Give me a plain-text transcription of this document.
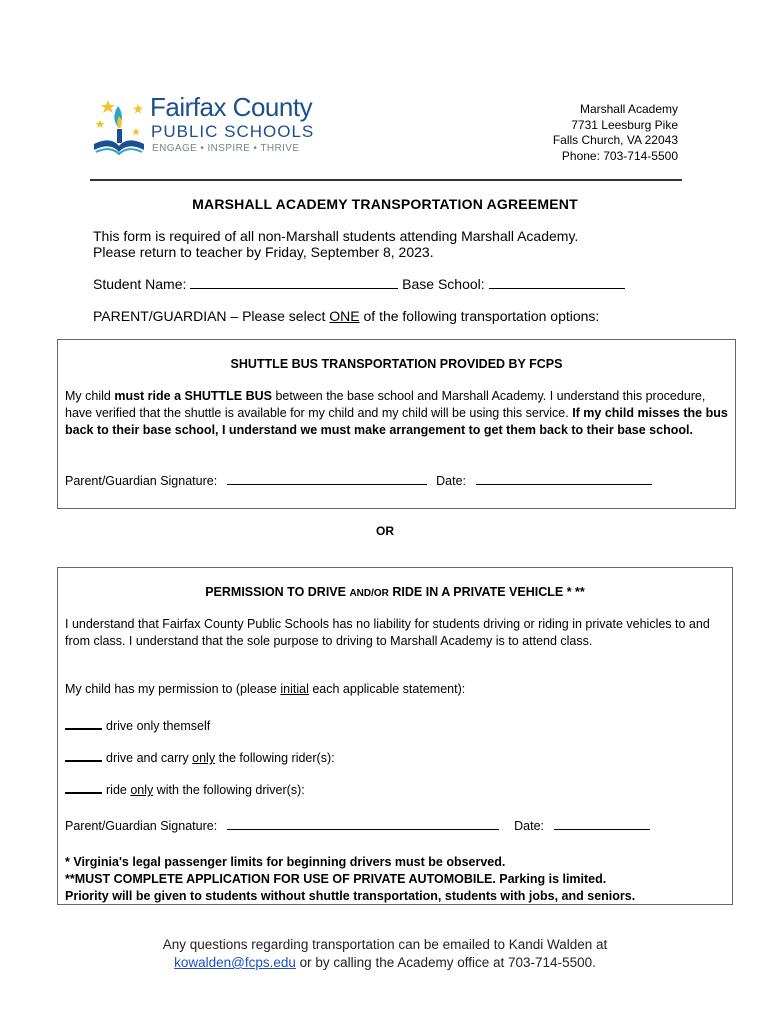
Fairfax County
PUBLIC SCHOOLS
ENGAGE • INSPIRE • THRIVE
Marshall Academy
7731 Leesburg Pike
Falls Church, VA 22043
Phone: 703-714-5500
MARSHALL ACADEMY TRANSPORTATION AGREEMENT
This form is required of all non-Marshall students attending Marshall Academy.
Please return to teacher by Friday, September 8, 2023.
Student Name:	Base School:
PARENT/GUARDIAN – Please select ONE of the following transportation options:
SHUTTLE BUS TRANSPORTATION PROVIDED BY FCPS
My child must ride a SHUTTLE BUS between the base school and Marshall Academy. I understand this procedure, have verified that the shuttle is available for my child and my child will be using this service. If my child misses the bus back to their base school, I understand we must make arrangement to get them back to their base school.
Parent/Guardian Signature:	Date:
OR
PERMISSION TO DRIVE AND/OR RIDE IN A PRIVATE VEHICLE * **
I understand that Fairfax County Public Schools has no liability for students driving or riding in private vehicles to and from class. I understand that the sole purpose to driving to Marshall Academy is to attend class.
My child has my permission to (please initial each applicable statement):
drive only themself
drive and carry only the following rider(s):
ride only with the following driver(s):
Parent/Guardian Signature:	Date:
* Virginia's legal passenger limits for beginning drivers must be observed.
**MUST COMPLETE APPLICATION FOR USE OF PRIVATE AUTOMOBILE. Parking is limited.
Priority will be given to students without shuttle transportation, students with jobs, and seniors.
Any questions regarding transportation can be emailed to Kandi Walden at
kowalden@fcps.edu or by calling the Academy office at 703-714-5500.
